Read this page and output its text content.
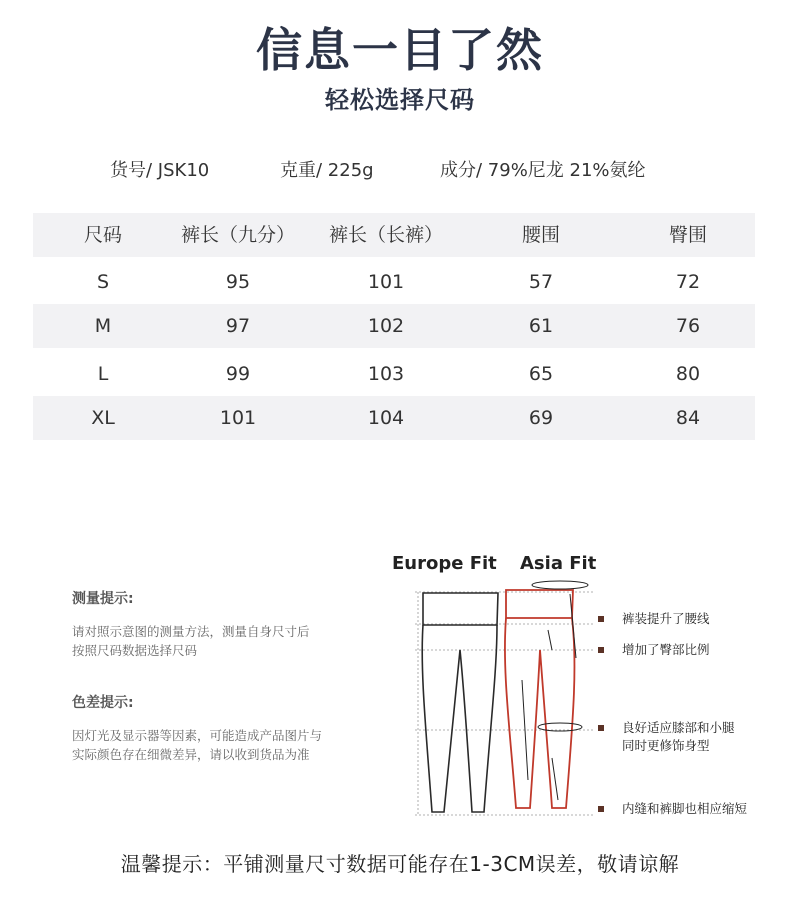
信息一目了然
轻松选择尺码
货号/ JSK10	克重/ 225g	成分/ 79%尼龙 21%氨纶
尺码	裤长（九分）	裤长（长裤）	腰围	臀围
S	95	101	57	72
M	97	102	61	76
L	99	103	65	80
XL	101	104	69	84
测量提示:
请对照示意图的测量方法，测量自身尺寸后
按照尺码数据选择尺码
色差提示:
因灯光及显示器等因素，可能造成产品图片与
实际颜色存在细微差异，请以收到货品为准
Europe Fit Asia Fit
裤装提升了腰线
增加了臀部比例
良好适应膝部和小腿
同时更修饰身型
内缝和裤脚也相应缩短
温馨提示：平铺测量尺寸数据可能存在1-3CM误差，敬请谅解
